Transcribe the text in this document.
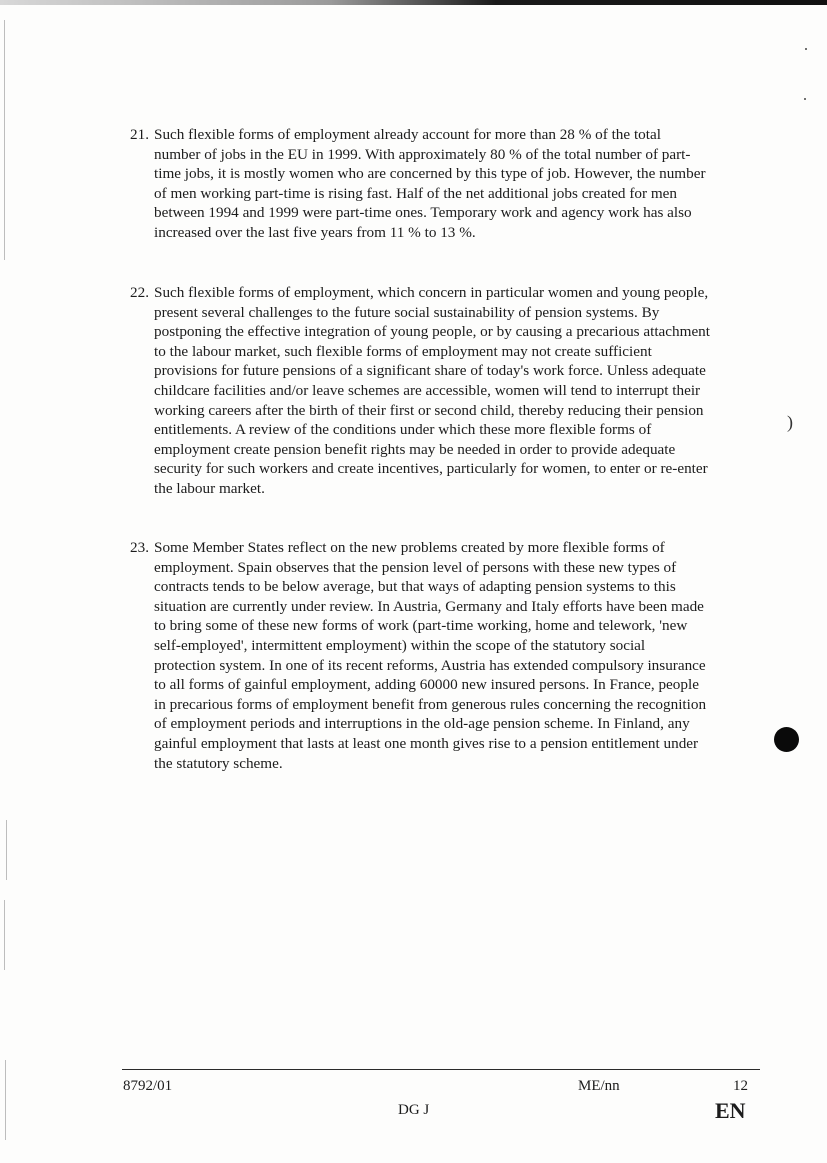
21. Such flexible forms of employment already account for more than 28 % of the total number of jobs in the EU in 1999. With approximately 80 % of the total number of part-time jobs, it is mostly women who are concerned by this type of job. However, the number of men working part-time is rising fast. Half of the net additional jobs created for men between 1994 and 1999 were part-time ones. Temporary work and agency work has also increased over the last five years from 11 % to 13 %.
22. Such flexible forms of employment, which concern in particular women and young people, present several challenges to the future social sustainability of pension systems. By postponing the effective integration of young people, or by causing a precarious attachment to the labour market, such flexible forms of employment may not create sufficient provisions for future pensions of a significant share of today's work force. Unless adequate childcare facilities and/or leave schemes are accessible, women will tend to interrupt their working careers after the birth of their first or second child, thereby reducing their pension entitlements. A review of the conditions under which these more flexible forms of employment create pension benefit rights may be needed in order to provide adequate security for such workers and create incentives, particularly for women, to enter or re-enter the labour market.
23. Some Member States reflect on the new problems created by more flexible forms of employment. Spain observes that the pension level of persons with these new types of contracts tends to be below average, but that ways of adapting pension systems to this situation are currently under review. In Austria, Germany and Italy efforts have been made to bring some of these new forms of work (part-time working, home and telework, 'new self-employed', intermittent employment) within the scope of the statutory social protection system. In one of its recent reforms, Austria has extended compulsory insurance to all forms of gainful employment, adding 60000 new insured persons. In France, people in precarious forms of employment benefit from generous rules concerning the recognition of employment periods and interruptions in the old-age pension scheme. In Finland, any gainful employment that lasts at least one month gives rise to a pension entitlement under the statutory scheme.
)
8792/01	ME/nn	12
DG J	EN
